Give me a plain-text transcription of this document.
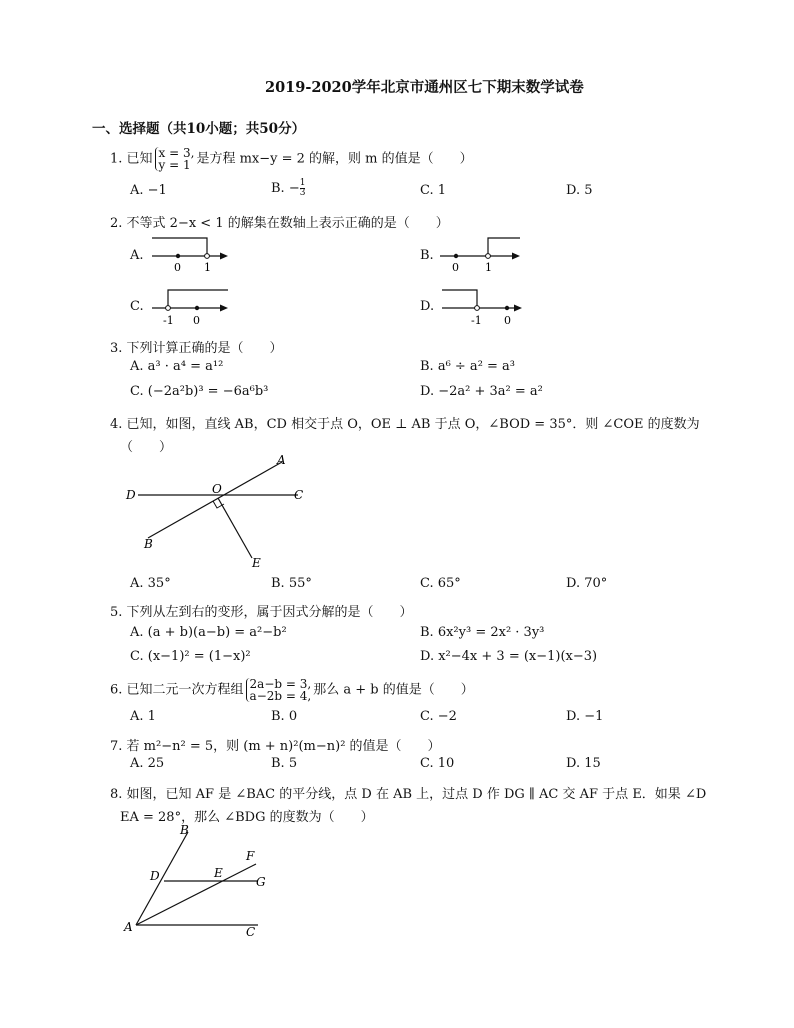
2019-2020学年北京市通州区七下期末数学试卷
一、选择题（共10小题；共50分）
1. 已知 x = 3,
y = 1 是方程 mx−y = 2 的解，则 m 的值是（　　）
A. −1	B. − $\frac{1}{3}$	C. 1	D. 5
2. 不等式 2−x < 1 的解集在数轴上表示正确的是（　　）
A.
0 1
B.
0 1
C.
-1 0
D.
-1 0
3. 下列计算正确的是（　　）
A. a³ · a⁴ = a¹²	B. a⁶ ÷ a² = a³
C. (−2a²b)³ = −6a⁶b³	D. −2a² + 3a² = a²
4. 已知，如图，直线 AB，CD 相交于点 O，OE ⊥ AB 于点 O，∠BOD = 35°．则 ∠COE 的度数为
（　　）
A
B
C
D	O
E
A. 35°	B. 55°	C. 65°	D. 70°
5. 下列从左到右的变形，属于因式分解的是（　　）
A. (a + b)(a−b) = a²−b²	B. 6x²y³ = 2x² · 3y³
C. (x−1)² = (1−x)²	D. x²−4x + 3 = (x−1)(x−3)
6. 已知二元一次方程组 2a−b = 3,
a−2b = 4, 那么 a + b 的值是（　　）
A. 1	B. 0	C. −2	D. −1
7. 若 m²−n² = 5，则 (m + n)²(m−n)² 的值是（　　）
A. 25	B. 5	C. 10	D. 15
8. 如图，已知 AF 是 ∠BAC 的平分线，点 D 在 AB 上，过点 D 作 DG ∥ AC 交 AF 于点 E．如果 ∠D
EA = 28°，那么 ∠BDG 的度数为（　　）
B
D	E
F
G
A	C
